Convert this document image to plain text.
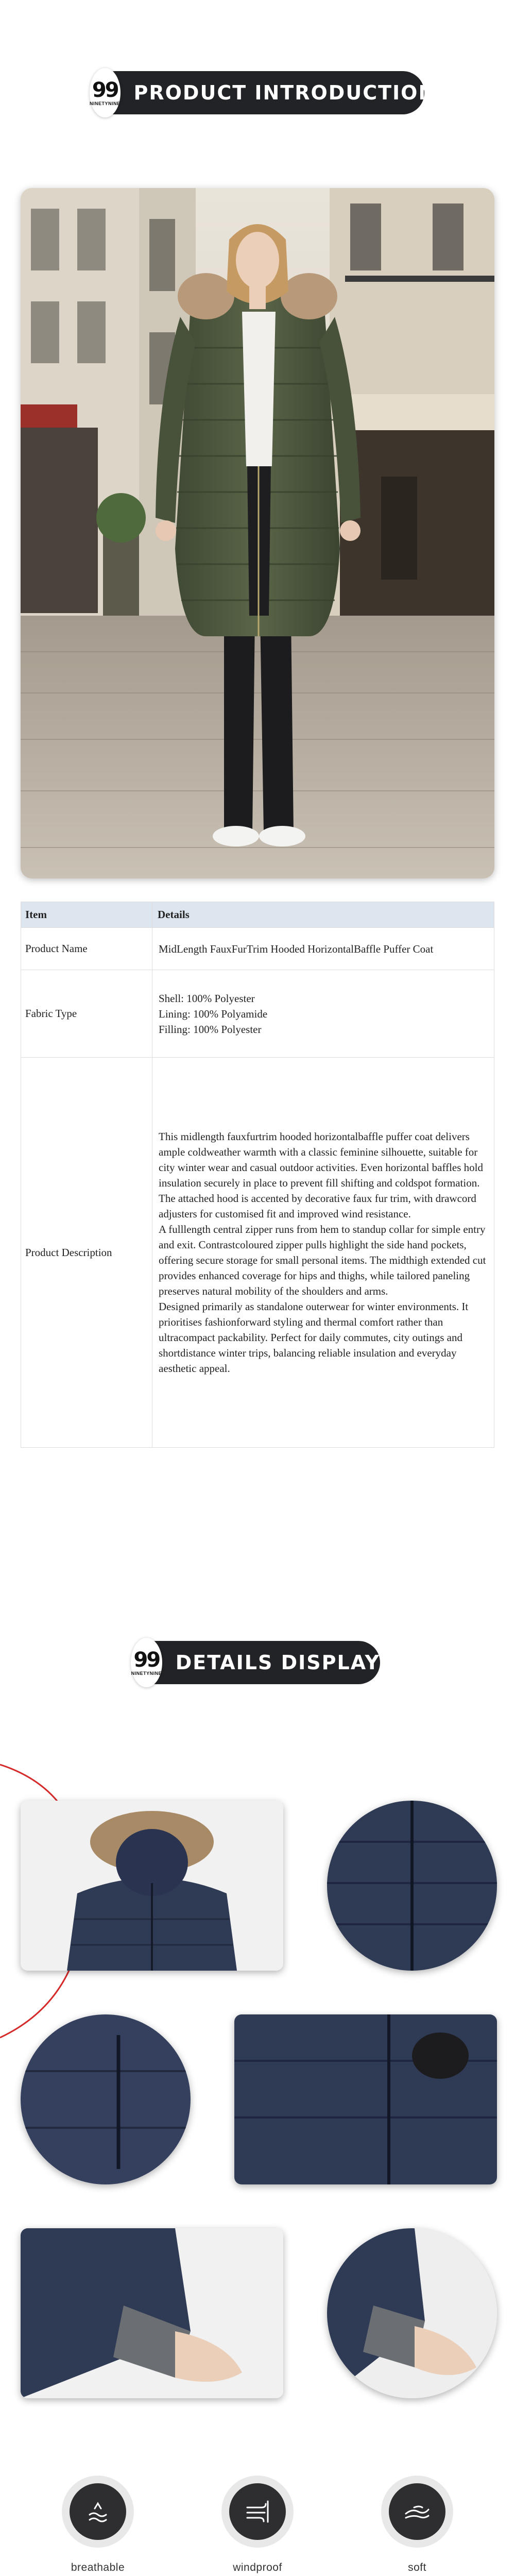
99
NINETYNINE PRODUCT INTRODUCTION
Item	Details
Product Name	MidLength FauxFurTrim Hooded HorizontalBaffle Puffer Coat
Fabric Type	Shell: 100% Polyester
Lining: 100% Polyamide
Filling: 100% Polyester

Product Description	This midlength fauxfurtrim hooded horizontalbaffle puffer coat delivers ample coldweather warmth with a classic feminine silhouette, suitable for city winter wear and casual outdoor activities. Even horizontal baffles hold insulation securely in place to prevent fill shifting and coldspot formation. The attached hood is accented by decorative faux fur trim, with drawcord adjusters for customised fit and improved wind resistance.

A fulllength central zipper runs from hem to standup collar for simple entry and exit. Contrastcoloured zipper pulls highlight the side hand pockets, offering secure storage for small personal items. The midthigh extended cut provides enhanced coverage for hips and thighs, while tailored paneling preserves natural mobility of the shoulders and arms.

Designed primarily as standalone outerwear for winter environments. It prioritises fashionforward styling and thermal comfort rather than ultracompact packability. Perfect for daily commutes, city outings and shortdistance winter trips, balancing reliable insulation and everyday aesthetic appeal.

99
NINETYNINE DETAILS DISPLAY
breathable	windproof	soft
